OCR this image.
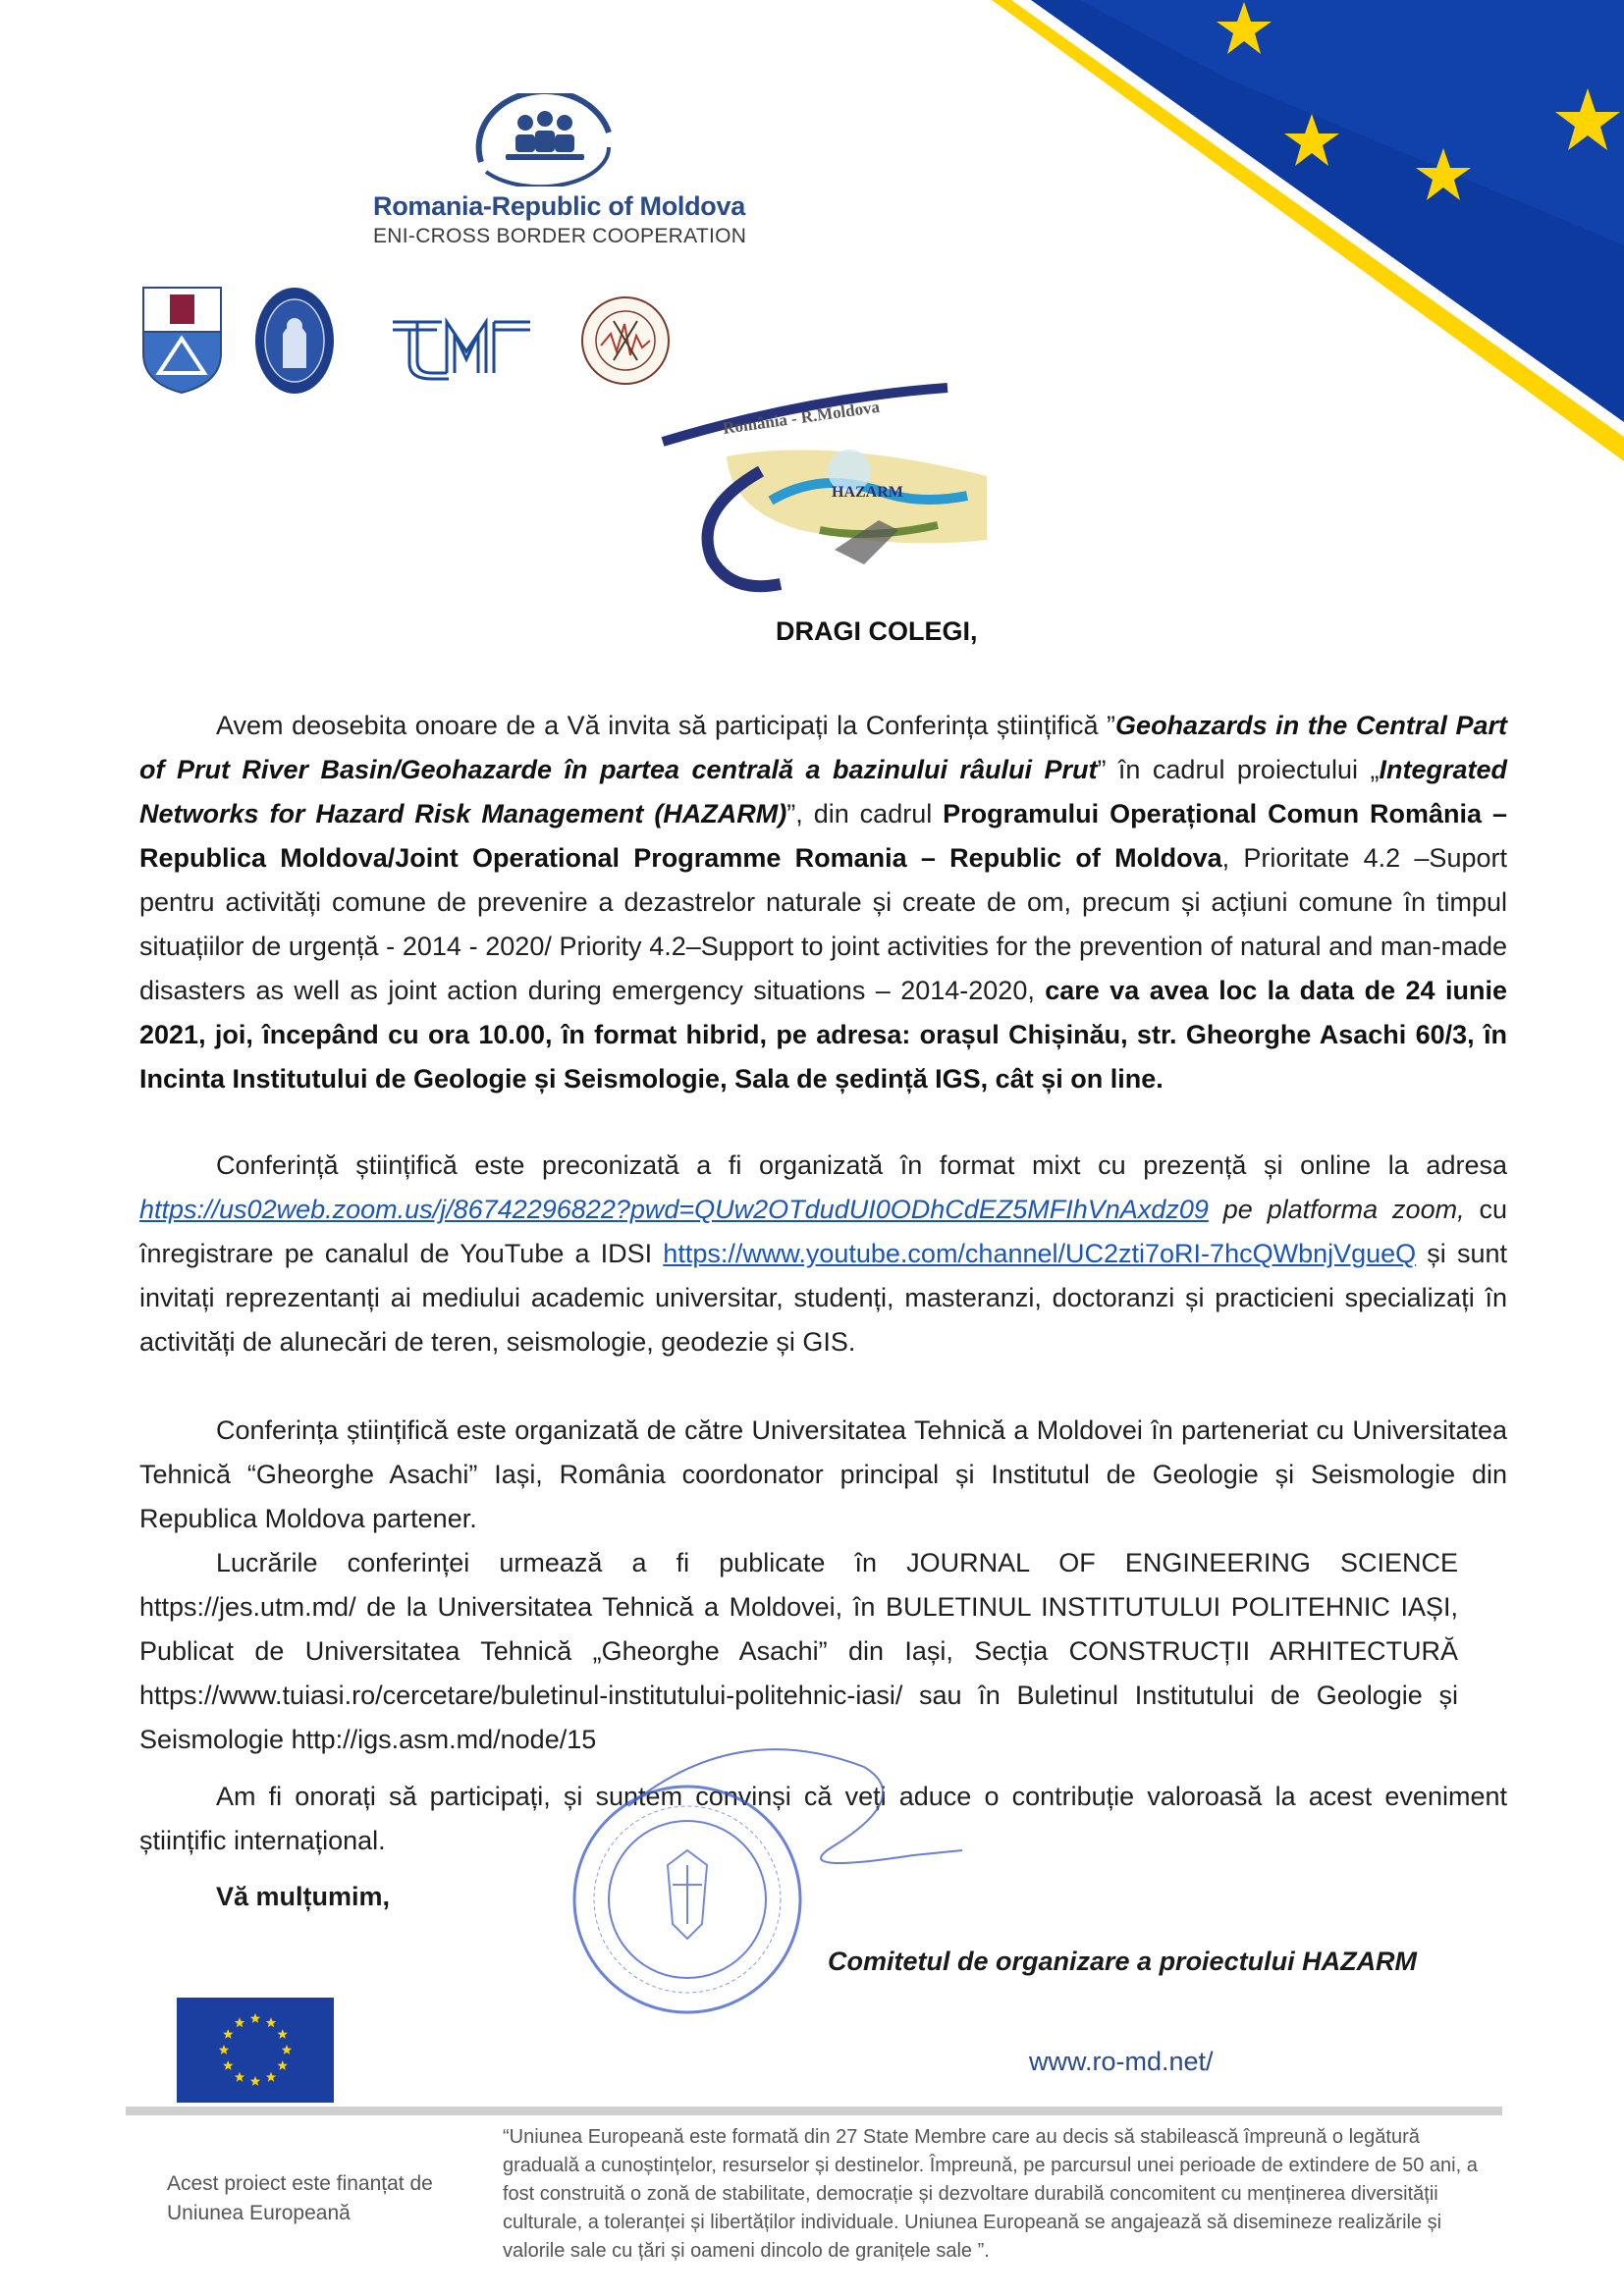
Romania-Republic of Moldova
ENI-CROSS BORDER COOPERATION
România - R.Moldova
HAZARM
DRAGI COLEGI,
Avem deosebita onoare de a Vă invita să participați la Conferința științifică ”Geohazards in the Central Part of Prut River Basin/Geohazarde în partea centrală a bazinului râului Prut” în cadrul proiectului „Integrated Networks for Hazard Risk Management (HAZARM)”, din cadrul Programului Operațional Comun România – Republica Moldova/Joint Operational Programme Romania – Republic of Moldova, Prioritate 4.2 –Suport pentru activități comune de prevenire a dezastrelor naturale și create de om, precum și acțiuni comune în timpul situațiilor de urgență - 2014 - 2020/ Priority 4.2–Support to joint activities for the prevention of natural and man-made disasters as well as joint action during emergency situations – 2014-2020, care va avea loc la data de 24 iunie 2021, joi, începând cu ora 10.00, în format hibrid, pe adresa: orașul Chișinău, str. Gheorghe Asachi 60/3, în Incinta Institutului de Geologie și Seismologie, Sala de ședință IGS, cât și on line.
Conferință științifică este preconizată a fi organizată în format mixt cu prezență și online la adresa https://us02web.zoom.us/j/86742296822?pwd=QUw2OTdudUI0ODhCdEZ5MFIhVnAxdz09 pe platforma zoom, cu înregistrare pe canalul de YouTube a IDSI https://www.youtube.com/channel/UC2zti7oRI-7hcQWbnjVgueQ și sunt invitați reprezentanți ai mediului academic universitar, studenți, masteranzi, doctoranzi și practicieni specializați în activități de alunecări de teren, seismologie, geodezie și GIS.
Conferința științifică este organizată de către Universitatea Tehnică a Moldovei în parteneriat cu Universitatea Tehnică “Gheorghe Asachi” Iași, România coordonator principal și Institutul de Geologie și Seismologie din Republica Moldova partener.
Lucrările conferinței urmează a fi publicate în JOURNAL OF ENGINEERING SCIENCE https://jes.utm.md/ de la Universitatea Tehnică a Moldovei, în BULETINUL INSTITUTULUI POLITEHNIC IAȘI, Publicat de Universitatea Tehnică „Gheorghe Asachi” din Iași, Secția CONSTRUCȚII ARHITECTURĂ https://www.tuiasi.ro/cercetare/buletinul-institutului-politehnic-iasi/ sau în Buletinul Institutului de Geologie și Seismologie http://igs.asm.md/node/15
Am fi onorați să participați, și suntem convinși că veți aduce o contribuție valoroasă la acest eveniment științific internațional.
Vă mulțumim,
Comitetul de organizare a proiectului HAZARM
www.ro-md.net/
Acest proiect este finanțat de Uniunea Europeană
“Uniunea Europeană este formată din 27 State Membre care au decis să stabilească împreună o legătură graduală a cunoștințelor, resurselor și destinelor. Împreună, pe parcursul unei perioade de extindere de 50 ani, a fost construită o zonă de stabilitate, democrație și dezvoltare durabilă concomitent cu menținerea diversității culturale, a toleranței și libertăților individuale. Uniunea Europeană se angajează să disemineze realizările și valorile sale cu țări și oameni dincolo de granițele sale ”.
